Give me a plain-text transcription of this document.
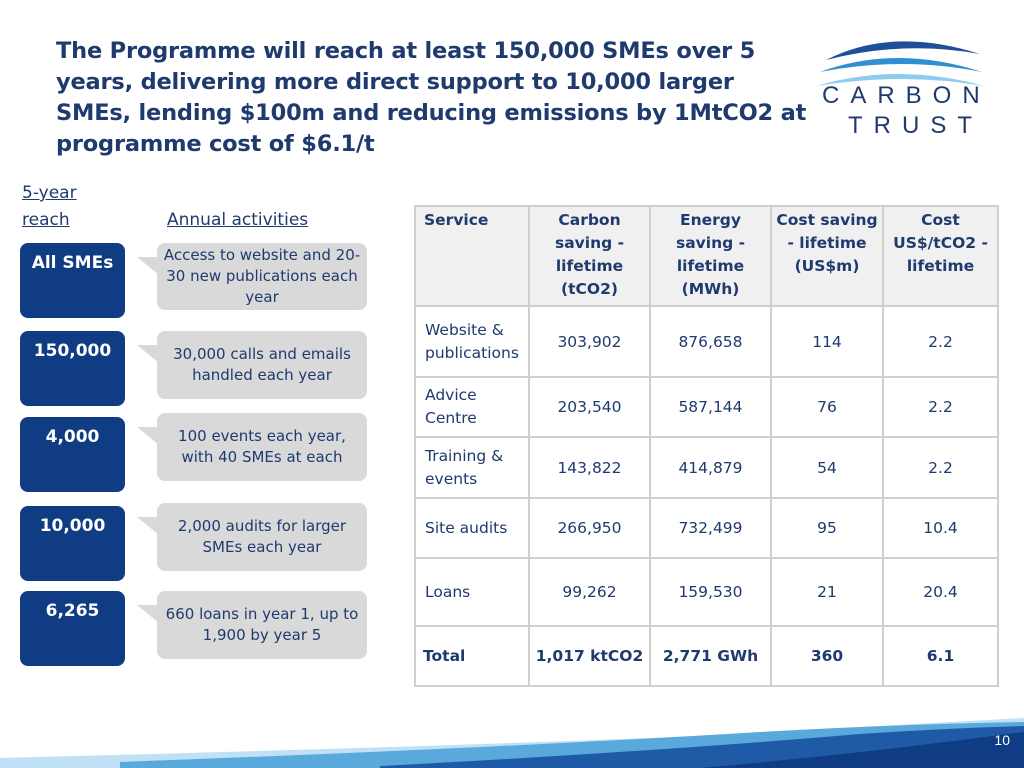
The Programme will reach at least 150,000 SMEs over 5 years, delivering more direct support to 10,000 larger SMEs, lending $100m and reducing emissions by 1MtCO2 at programme cost of $6.1/t
CARBON
TRUST
5-year reach	Annual activities
All SMEs	Access to website and 20-30 new publications each year
150,000	30,000 calls and emails handled each year
4,000	100 events each year, with 40 SMEs at each
10,000	2,000 audits for larger SMEs each year
6,265	660 loans in year 1, up to 1,900 by year 5
Service	Carbon saving - lifetime (tCO2)	Energy saving - lifetime (MWh)	Cost saving - lifetime (US$m)	Cost US$/tCO2 - lifetime
Website & publications	303,902	876,658	114	2.2
Advice Centre	203,540	587,144	76	2.2
Training & events	143,822	414,879	54	2.2
Site audits	266,950	732,499	95	10.4
Loans	99,262	159,530	21	20.4
Total	1,017 ktCO2	2,771 GWh	360	6.1
10
